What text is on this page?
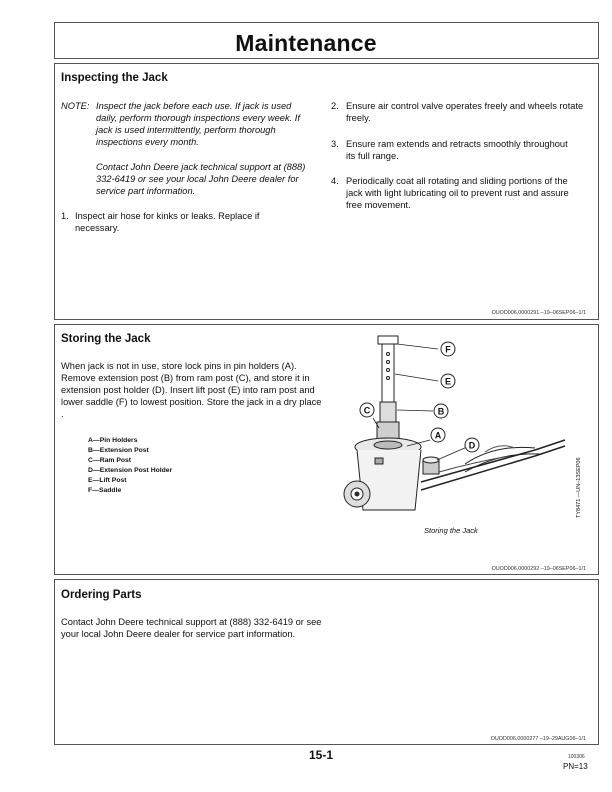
Maintenance
Inspecting the Jack
NOTE: Inspect the jack before each use. If jack is used daily, perform thorough inspections every week. If jack is used intermittently, perform thorough inspections every month.
Contact John Deere jack technical support at (888) 332-6419 or see your local John Deere dealer for service part information.
1. Inspect air hose for kinks or leaks. Replace if necessary.
2. Ensure air control valve operates freely and wheels rotate freely.
3. Ensure ram extends and retracts smoothly throughout its full range.
4. Periodically coat all rotating and sliding portions of the jack with light lubricating oil to prevent rust and assure free movement.
OUOD006,0000291 –19–06SEP06–1/1
Storing the Jack
When jack is not in use, store lock pins in pin holders (A). Remove extension post (B) from ram post (C), and store it in extension post holder (D). Insert lift post (E) into ram post and lower saddle (F) to lowest position. Store the jack in a dry place .
A—Pin Holders
B—Extension Post
C—Ram Post
D—Extension Post Holder
E—Lift Post
F—Saddle
F
E
C	B
A
D
Storing the Jack
TY8471 —UN–13SEP06
OUOD006,0000292 –19–06SEP06–1/1
Ordering Parts
Contact John Deere technical support at (888) 332-6419 or see your local John Deere dealer for service part information.
OUOD006,0000277 –19–29AUG06–1/1
15-1	100306
PN=13
